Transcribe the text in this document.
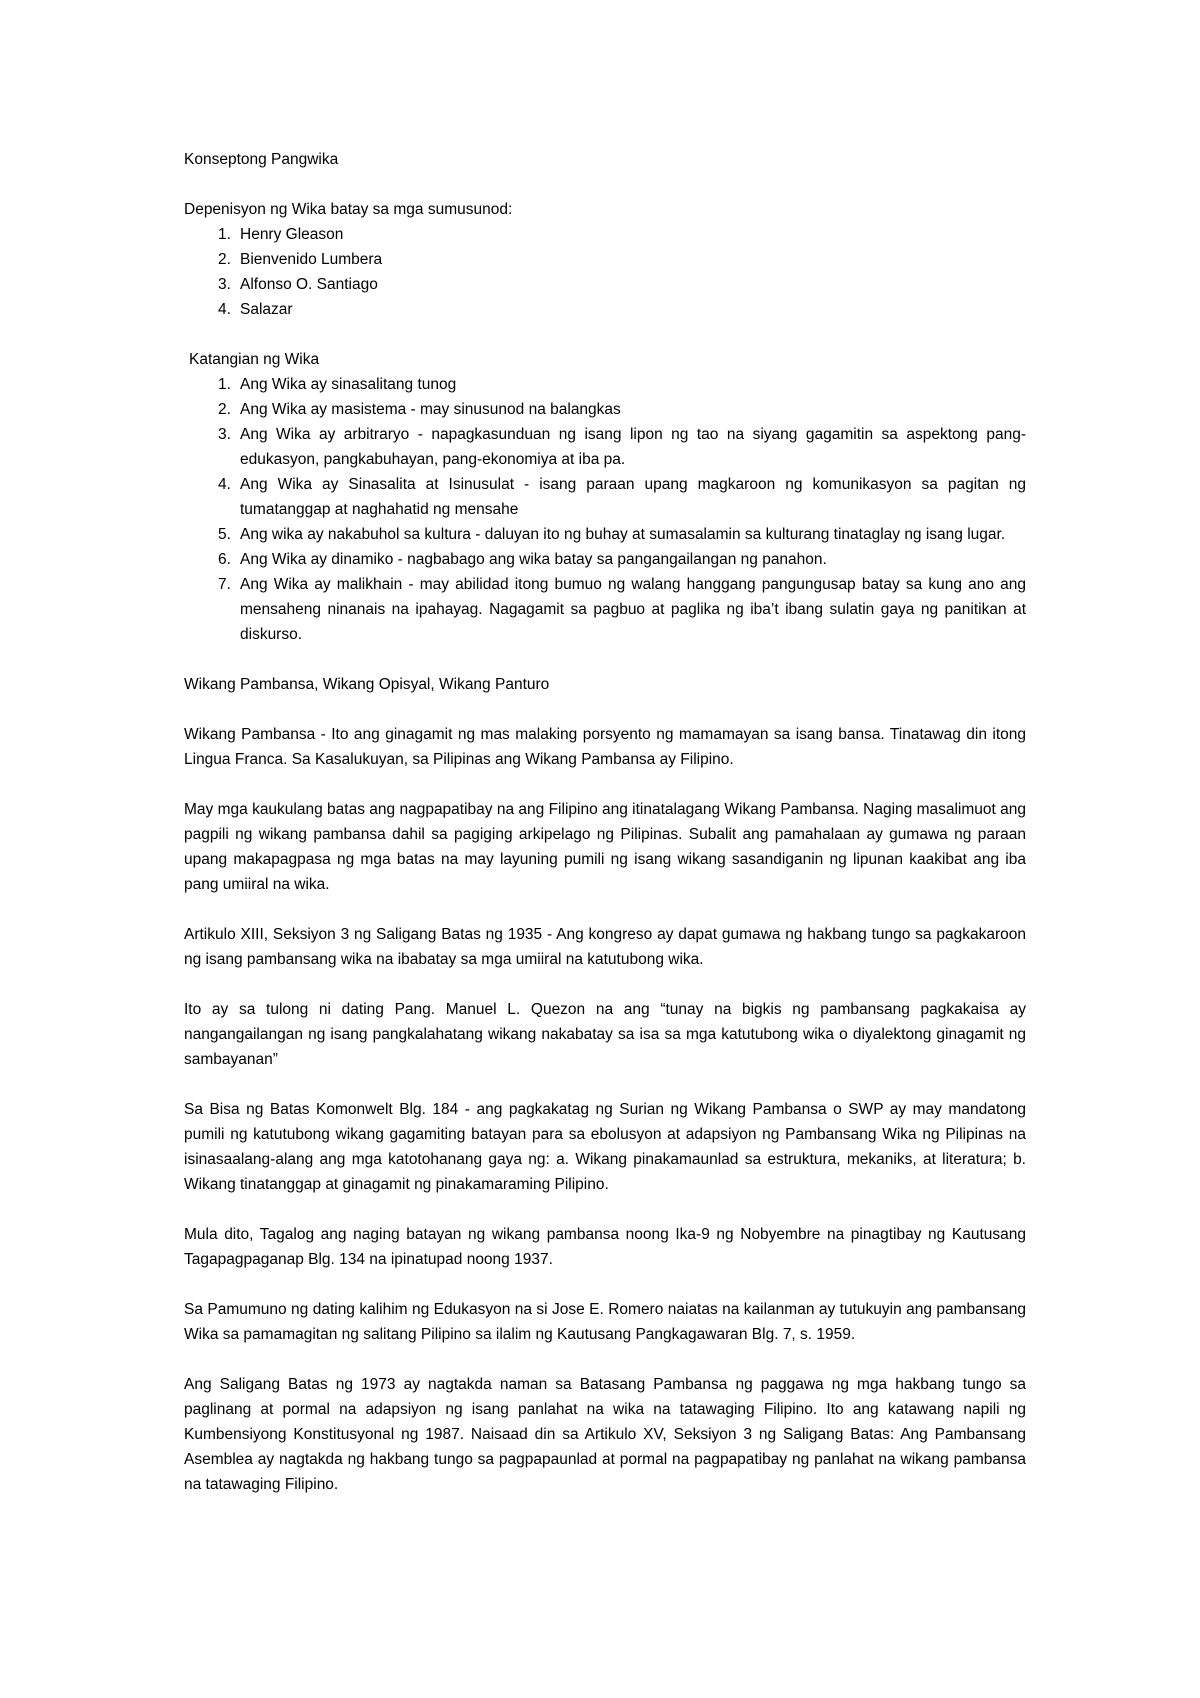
Konseptong Pangwika

Depenisyon ng Wika batay sa mga sumusunod:

1. Henry Gleason
2. Bienvenido Lumbera
3. Alfonso O. Santiago
4. Salazar

Katangian ng Wika

1. Ang Wika ay sinasalitang tunog
2. Ang Wika ay masistema - may sinusunod na balangkas
3. Ang Wika ay arbitraryo - napagkasunduan ng isang lipon ng tao na siyang gagamitin sa aspektong pang-edukasyon, pangkabuhayan, pang-ekonomiya at iba pa.
4. Ang Wika ay Sinasalita at Isinusulat - isang paraan upang magkaroon ng komunikasyon sa pagitan ng tumatanggap at naghahatid ng mensahe
5. Ang wika ay nakabuhol sa kultura - daluyan ito ng buhay at sumasalamin sa kulturang tinataglay ng isang lugar.
6. Ang Wika ay dinamiko - nagbabago ang wika batay sa pangangailangan ng panahon.
7. Ang Wika ay malikhain - may abilidad itong bumuo ng walang hanggang pangungusap batay sa kung ano ang mensaheng ninanais na ipahayag. Nagagamit sa pagbuo at paglika ng iba’t ibang sulatin gaya ng panitikan at diskurso.

Wikang Pambansa, Wikang Opisyal, Wikang Panturo

Wikang Pambansa - Ito ang ginagamit ng mas malaking porsyento ng mamamayan sa isang bansa. Tinatawag din itong Lingua Franca. Sa Kasalukuyan, sa Pilipinas ang Wikang Pambansa ay Filipino.

May mga kaukulang batas ang nagpapatibay na ang Filipino ang itinatalagang Wikang Pambansa. Naging masalimuot ang pagpili ng wikang pambansa dahil sa pagiging arkipelago ng Pilipinas. Subalit ang pamahalaan ay gumawa ng paraan upang makapagpasa ng mga batas na may layuning pumili ng isang wikang sasandiganin ng lipunan kaakibat ang iba pang umiiral na wika.

Artikulo XIII, Seksiyon 3 ng Saligang Batas ng 1935 - Ang kongreso ay dapat gumawa ng hakbang tungo sa pagkakaroon ng isang pambansang wika na ibabatay sa mga umiiral na katutubong wika.

Ito ay sa tulong ni dating Pang. Manuel L. Quezon na ang “tunay na bigkis ng pambansang pagkakaisa ay nangangailangan ng isang pangkalahatang wikang nakabatay sa isa sa mga katutubong wika o diyalektong ginagamit ng sambayanan”

Sa Bisa ng Batas Komonwelt Blg. 184 - ang pagkakatag ng Surian ng Wikang Pambansa o SWP ay may mandatong pumili ng katutubong wikang gagamiting batayan para sa ebolusyon at adapsiyon ng Pambansang Wika ng Pilipinas na isinasaalang-alang ang mga katotohanang gaya ng: a. Wikang pinakamaunlad sa estruktura, mekaniks, at literatura; b. Wikang tinatanggap at ginagamit ng pinakamaraming Pilipino.

Mula dito, Tagalog ang naging batayan ng wikang pambansa noong Ika-9 ng Nobyembre na pinagtibay ng Kautusang Tagapagpaganap Blg. 134 na ipinatupad noong 1937.

Sa Pamumuno ng dating kalihim ng Edukasyon na si Jose E. Romero naiatas na kailanman ay tutukuyin ang pambansang Wika sa pamamagitan ng salitang Pilipino sa ilalim ng Kautusang Pangkagawaran Blg. 7, s. 1959.

Ang Saligang Batas ng 1973 ay nagtakda naman sa Batasang Pambansa ng paggawa ng mga hakbang tungo sa paglinang at pormal na adapsiyon ng isang panlahat na wika na tatawaging Filipino. Ito ang katawang napili ng Kumbensiyong Konstitusyonal ng 1987. Naisaad din sa Artikulo XV, Seksiyon 3 ng Saligang Batas: Ang Pambansang Asemblea ay nagtakda ng hakbang tungo sa pagpapaunlad at pormal na pagpapatibay ng panlahat na wikang pambansa na tatawaging Filipino.
